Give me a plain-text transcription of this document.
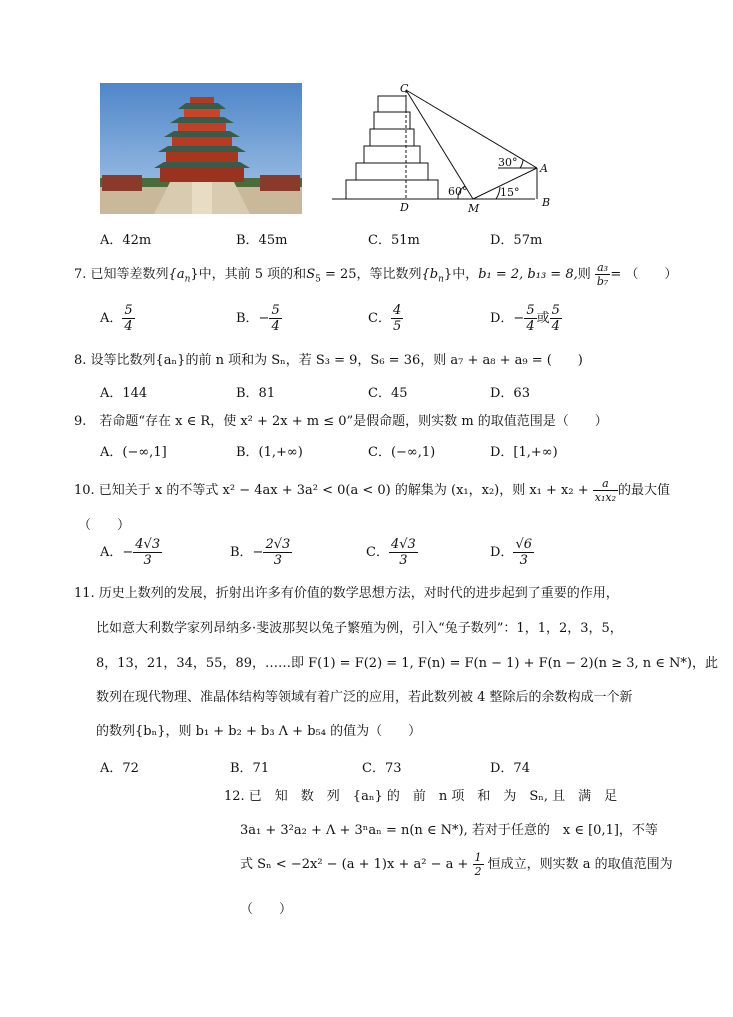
C
A
D	M	B
30°
60°	15°
A．42m	B．45m	C．51m	D．57m
7. 已知等差数列$\{a_n\}$中，其前 5 项的和$S_5 = 25$，等比数列$\{b_n\}$中，b₁ = 2, b₁₃ = 8,则 $\frac{\text{a₃}}{\text{b₇}}$ = （　　）
A． $\frac{5}{4}$	B．− $\frac{5}{4}$	C． $\frac{4}{5}$	D．− $\frac{5}{4}$ 或 $\frac{5}{4}$
8. 设等比数列{aₙ}的前 n 项和为 Sₙ，若 S₃ = 9，S₆ = 36，则 a₇ + a₈ + a₉ = (　　)
A．144	B．81	C．45	D．63
9.　若命题“存在 x ∈ R，使 x² + 2x + m ≤ 0”是假命题，则实数 m 的取值范围是（　　）
A．(−∞,1]	B．(1,+∞)	C．(−∞,1)	D．[1,+∞)
10. 已知关于 x 的不等式 x² − 4ax + 3a² < 0(a < 0) 的解集为 (x₁，x₂)，则 $x_1 + x_2 + \frac{a}{\text{x₁x₂}}$ 的最大值
（　　）
A．− $\frac{4√3}{3}$	B．− $\frac{2√3}{3}$	C． $\frac{4√3}{3}$	D． $\frac{√6}{3}$
11. 历史上数列的发展，折射出许多有价值的数学思想方法，对时代的进步起到了重要的作用，
比如意大利数学家列昂纳多·斐波那契以兔子繁殖为例，引入“兔子数列”：1，1，2，3，5，
8，13，21，34，55，89，……即 F(1) = F(2) = 1, F(n) = F(n − 1) + F(n − 2)(n ≥ 3, n ∈ N*)，此
数列在现代物理、准晶体结构等领域有着广泛的应用，若此数列被 4 整除后的余数构成一个新
的数列{bₙ}，则 b₁ + b₂ + b₃ Λ + b₅₄ 的值为（　　）
A．72	B．71	C．73	D．74
12. 已　知　数　列　{aₙ} 的　前　n 项　和　为　Sₙ, 且　满　足
3a₁ + 3²a₂ + Λ + 3ⁿaₙ = n(n ∈ N*), 若对于任意的　x ∈ [0,1]，不等
式 $S_n < -2x^2 - (a + 1)x + a^2 - a + \frac{1}{2}$ 恒成立，则实数 a 的取值范围为
（　　）
